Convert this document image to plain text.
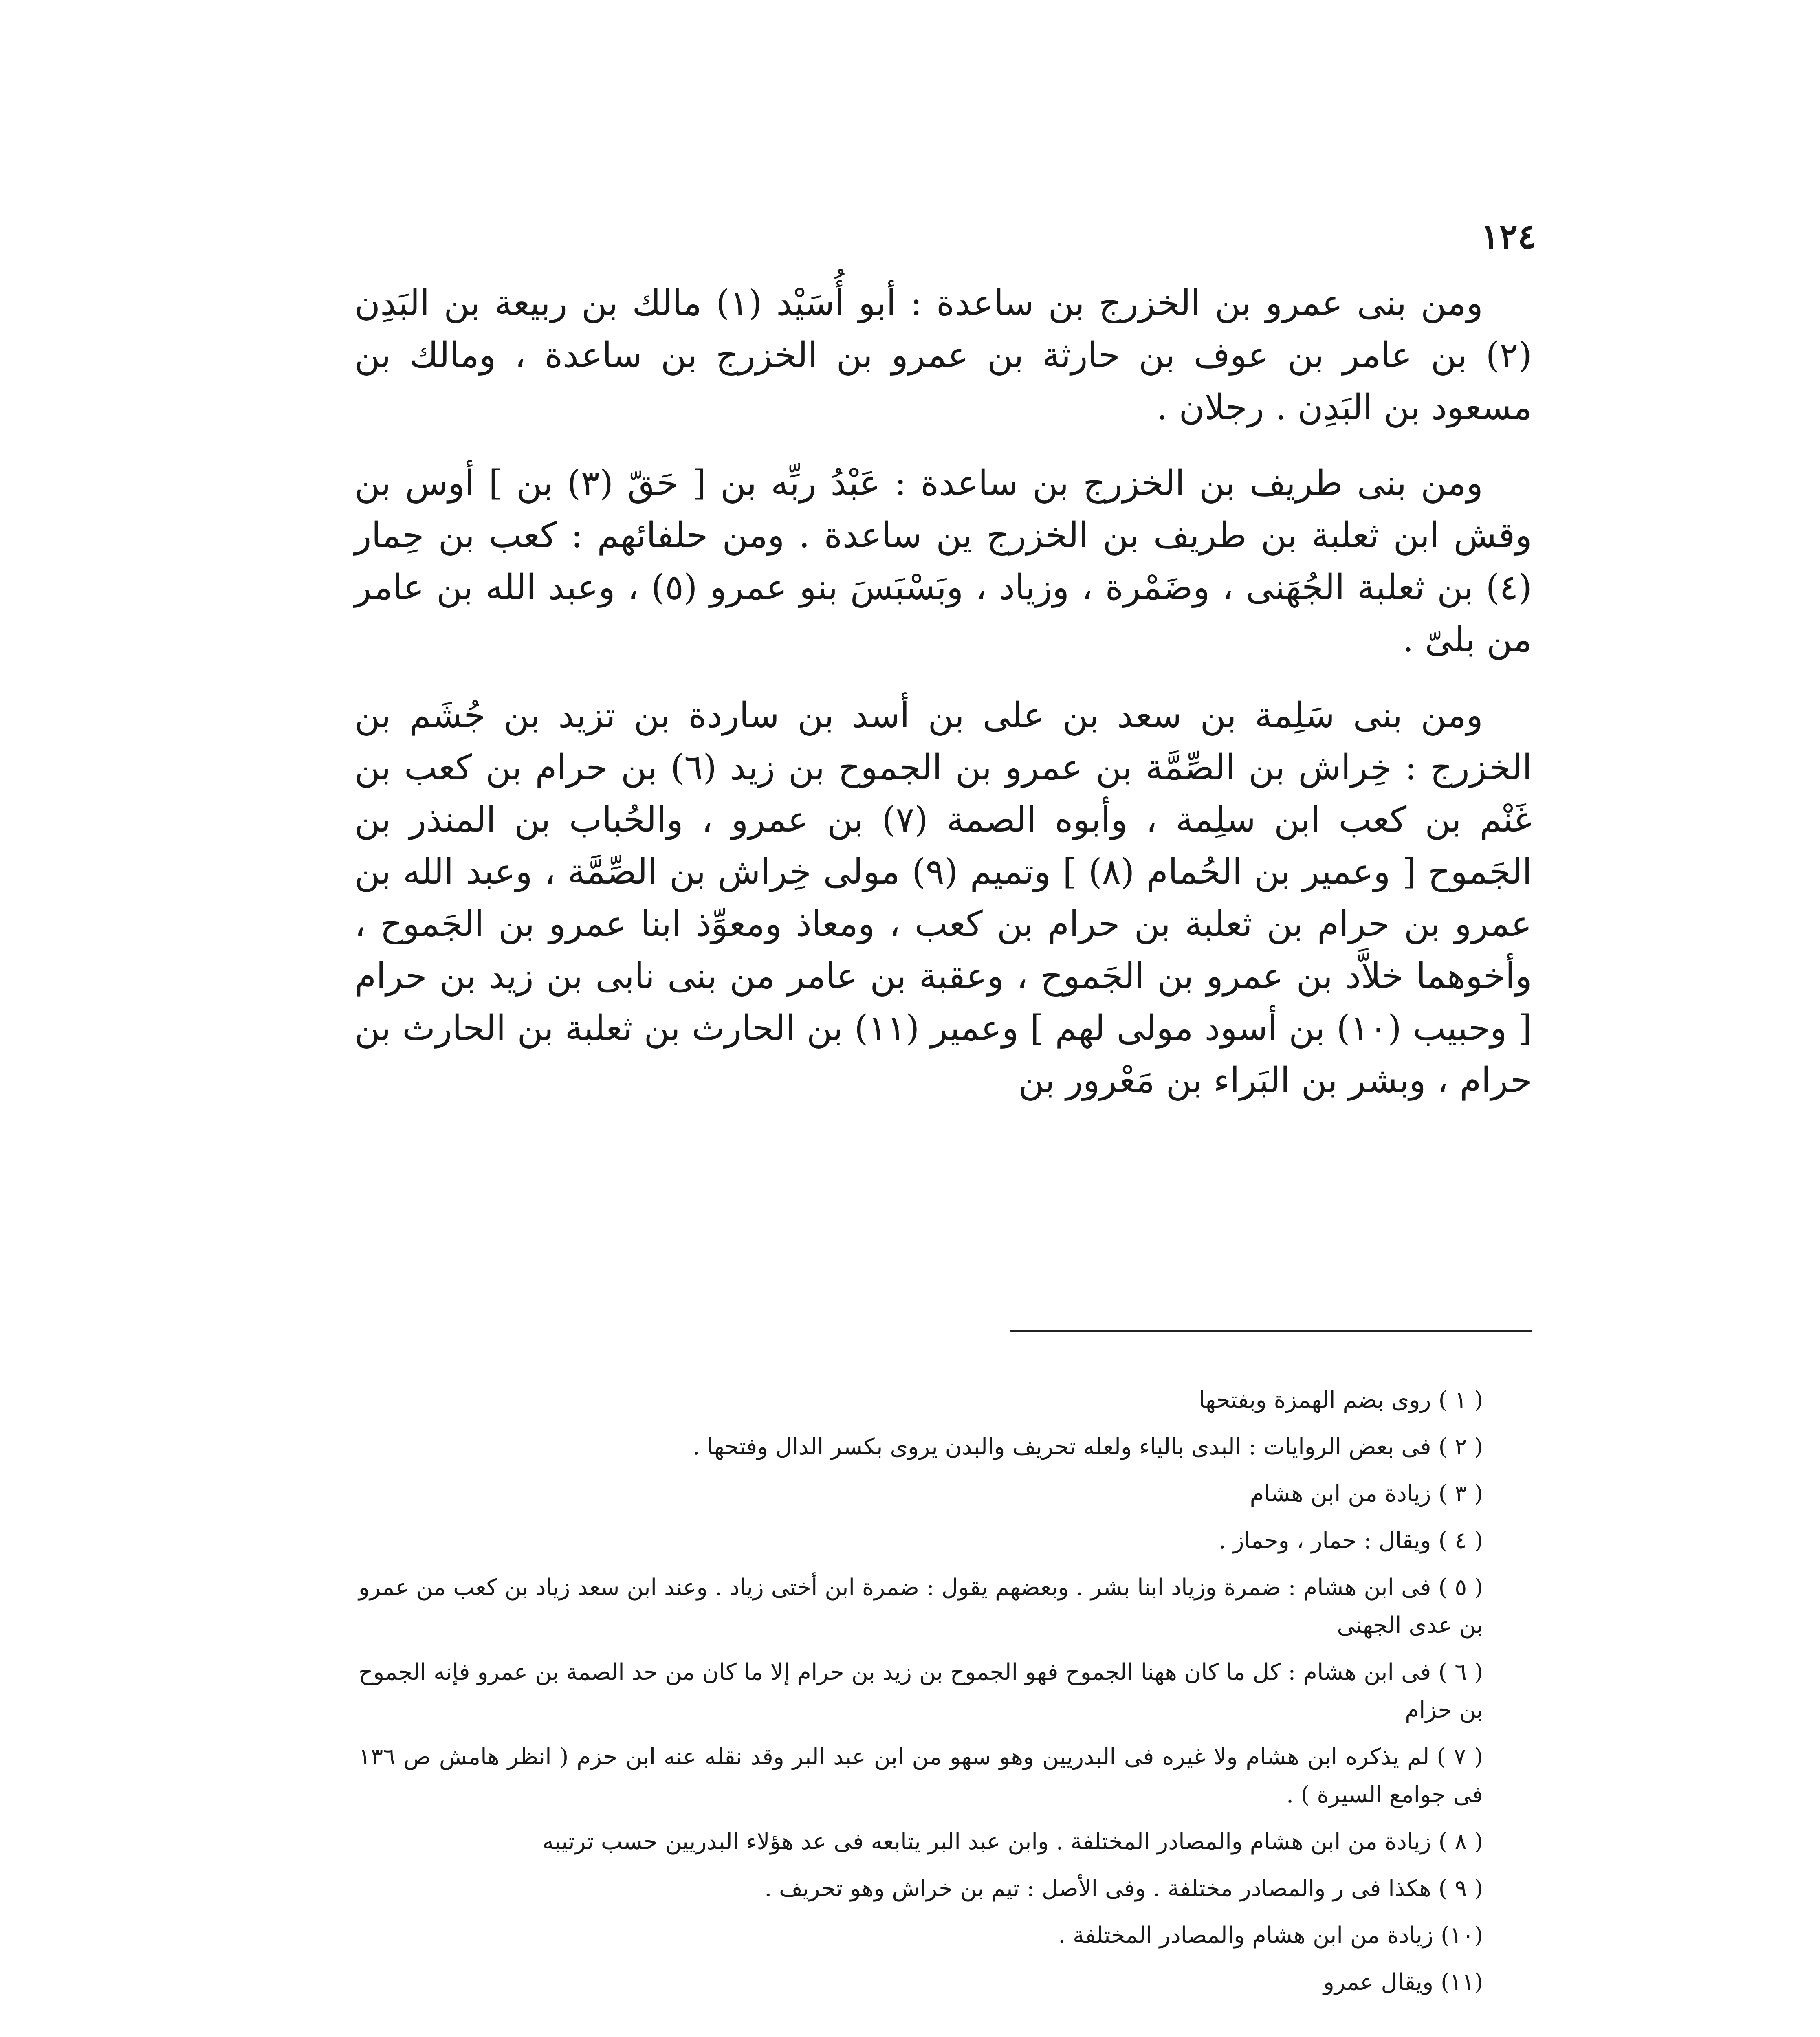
١٢٤

ومن بنى عمرو بن الخزرج بن ساعدة : أبو أُسَيْد (١) مالك بن ربيعة بن البَدِن (٢) بن عامر بن عوف بن حارثة بن عمرو بن الخزرج بن ساعدة ، ومالك بن مسعود بن البَدِن . رجلان .

ومن بنى طريف بن الخزرج بن ساعدة : عَبْدُ ربِّه بن [ حَقّ (٣) بن ] أوس بن وقش ابن ثعلبة بن طريف بن الخزرج ين ساعدة . ومن حلفائهم : كعب بن حِمار (٤) بن ثعلبة الجُهَنى ، وضَمْرة ، وزياد ، وبَسْبَسَ بنو عمرو (٥) ، وعبد الله بن عامر من بلىّ .

ومن بنى سَلِمة بن سعد بن على بن أسد بن ساردة بن تزيد بن جُشَم بن الخزرج : خِراش بن الصِّمَّة بن عمرو بن الجموح بن زيد (٦) بن حرام بن كعب بن غَنْم بن كعب ابن سلِمة ، وأبوه الصمة (٧) بن عمرو ، والحُباب بن المنذر بن الجَموح [ وعمير بن الحُمام (٨) ] وتميم (٩) مولى خِراش بن الصِّمَّة ، وعبد الله بن عمرو بن حرام بن ثعلبة بن حرام بن كعب ، ومعاذ ومعوِّذ ابنا عمرو بن الجَموح ، وأخوهما خلاَّد بن عمرو بن الجَموح ، وعقبة بن عامر من بنى نابى بن زيد بن حرام [ وحبيب (١٠) بن أسود مولى لهم ] وعمير (١١) بن الحارث بن ثعلبة بن الحارث بن حرام ، وبشر بن البَراء بن مَعْرور بن

( ١ )روى بضم الهمزة وبفتحها

( ٢ )فى بعض الروايات : البدى بالياء ولعله تحريف والبدن يروى بكسر الدال وفتحها .

( ٣ )زيادة من ابن هشام

( ٤ )ويقال : حمار ، وحماز .

( ٥ )فى ابن هشام : ضمرة وزياد ابنا بشر . وبعضهم يقول : ضمرة ابن أختى زياد . وعند ابن سعد زياد بن كعب من عمرو بن عدى الجهنى

( ٦ )فى ابن هشام : كل ما كان ههنا الجموح فهو الجموح بن زيد بن حرام إلا ما كان من حد الصمة بن عمرو فإنه الجموح بن حزام

( ٧ )لم يذكره ابن هشام ولا غيره فى البدريين وهو سهو من ابن عبد البر وقد نقله عنه ابن حزم ( انظر هامش ص ١٣٦ فى جوامع السيرة ) .

( ٨ )زيادة من ابن هشام والمصادر المختلفة . وابن عبد البر يتابعه فى عد هؤلاء البدريين حسب ترتيبه

( ٩ )هكذا فى ر والمصادر مختلفة . وفى الأصل : تيم بن خراش وهو تحريف .

(١٠)زيادة من ابن هشام والمصادر المختلفة .

(١١)ويقال عمرو
